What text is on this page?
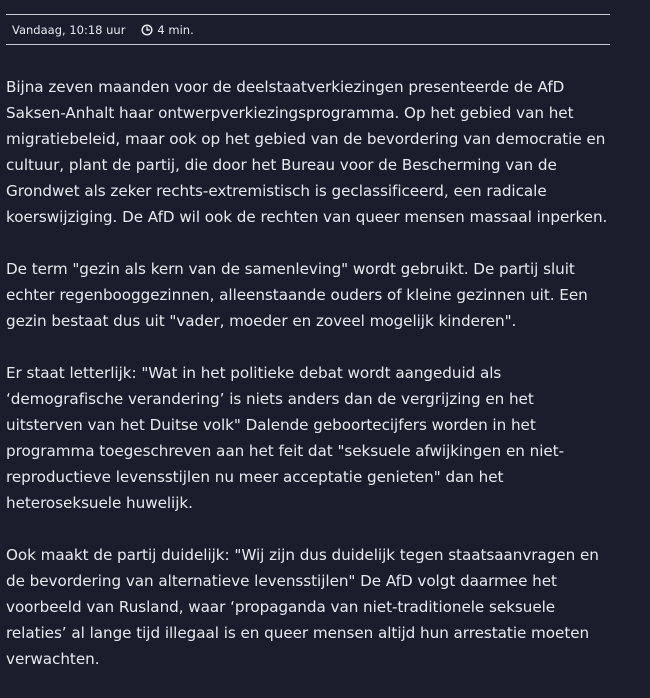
Vandaag, 10:18 uur	4 min.

Bijna zeven maanden voor de deelstaatverkiezingen presenteerde de AfD Saksen-Anhalt haar ontwerpverkiezingsprogramma. Op het gebied van het migratiebeleid, maar ook op het gebied van de bevordering van democratie en cultuur, plant de partij, die door het Bureau voor de Bescherming van de Grondwet als zeker rechts-extremistisch is geclassificeerd, een radicale koerswijziging. De AfD wil ook de rechten van queer mensen massaal inperken.

De term "gezin als kern van de samenleving" wordt gebruikt. De partij sluit echter regenbooggezinnen, alleenstaande ouders of kleine gezinnen uit. Een gezin bestaat dus uit "vader, moeder en zoveel mogelijk kinderen".

Er staat letterlijk: "Wat in het politieke debat wordt aangeduid als ‘demografische verandering’ is niets anders dan de vergrijzing en het uitsterven van het Duitse volk" Dalende geboortecijfers worden in het programma toegeschreven aan het feit dat "seksuele afwijkingen en niet-reproductieve levensstijlen nu meer acceptatie genieten" dan het heteroseksuele huwelijk.

Ook maakt de partij duidelijk: "Wij zijn dus duidelijk tegen staatsaanvragen en de bevordering van alternatieve levensstijlen" De AfD volgt daarmee het voorbeeld van Rusland, waar ‘propaganda van niet-traditionele seksuele relaties’ al lange tijd illegaal is en queer mensen altijd hun arrestatie moeten verwachten.
